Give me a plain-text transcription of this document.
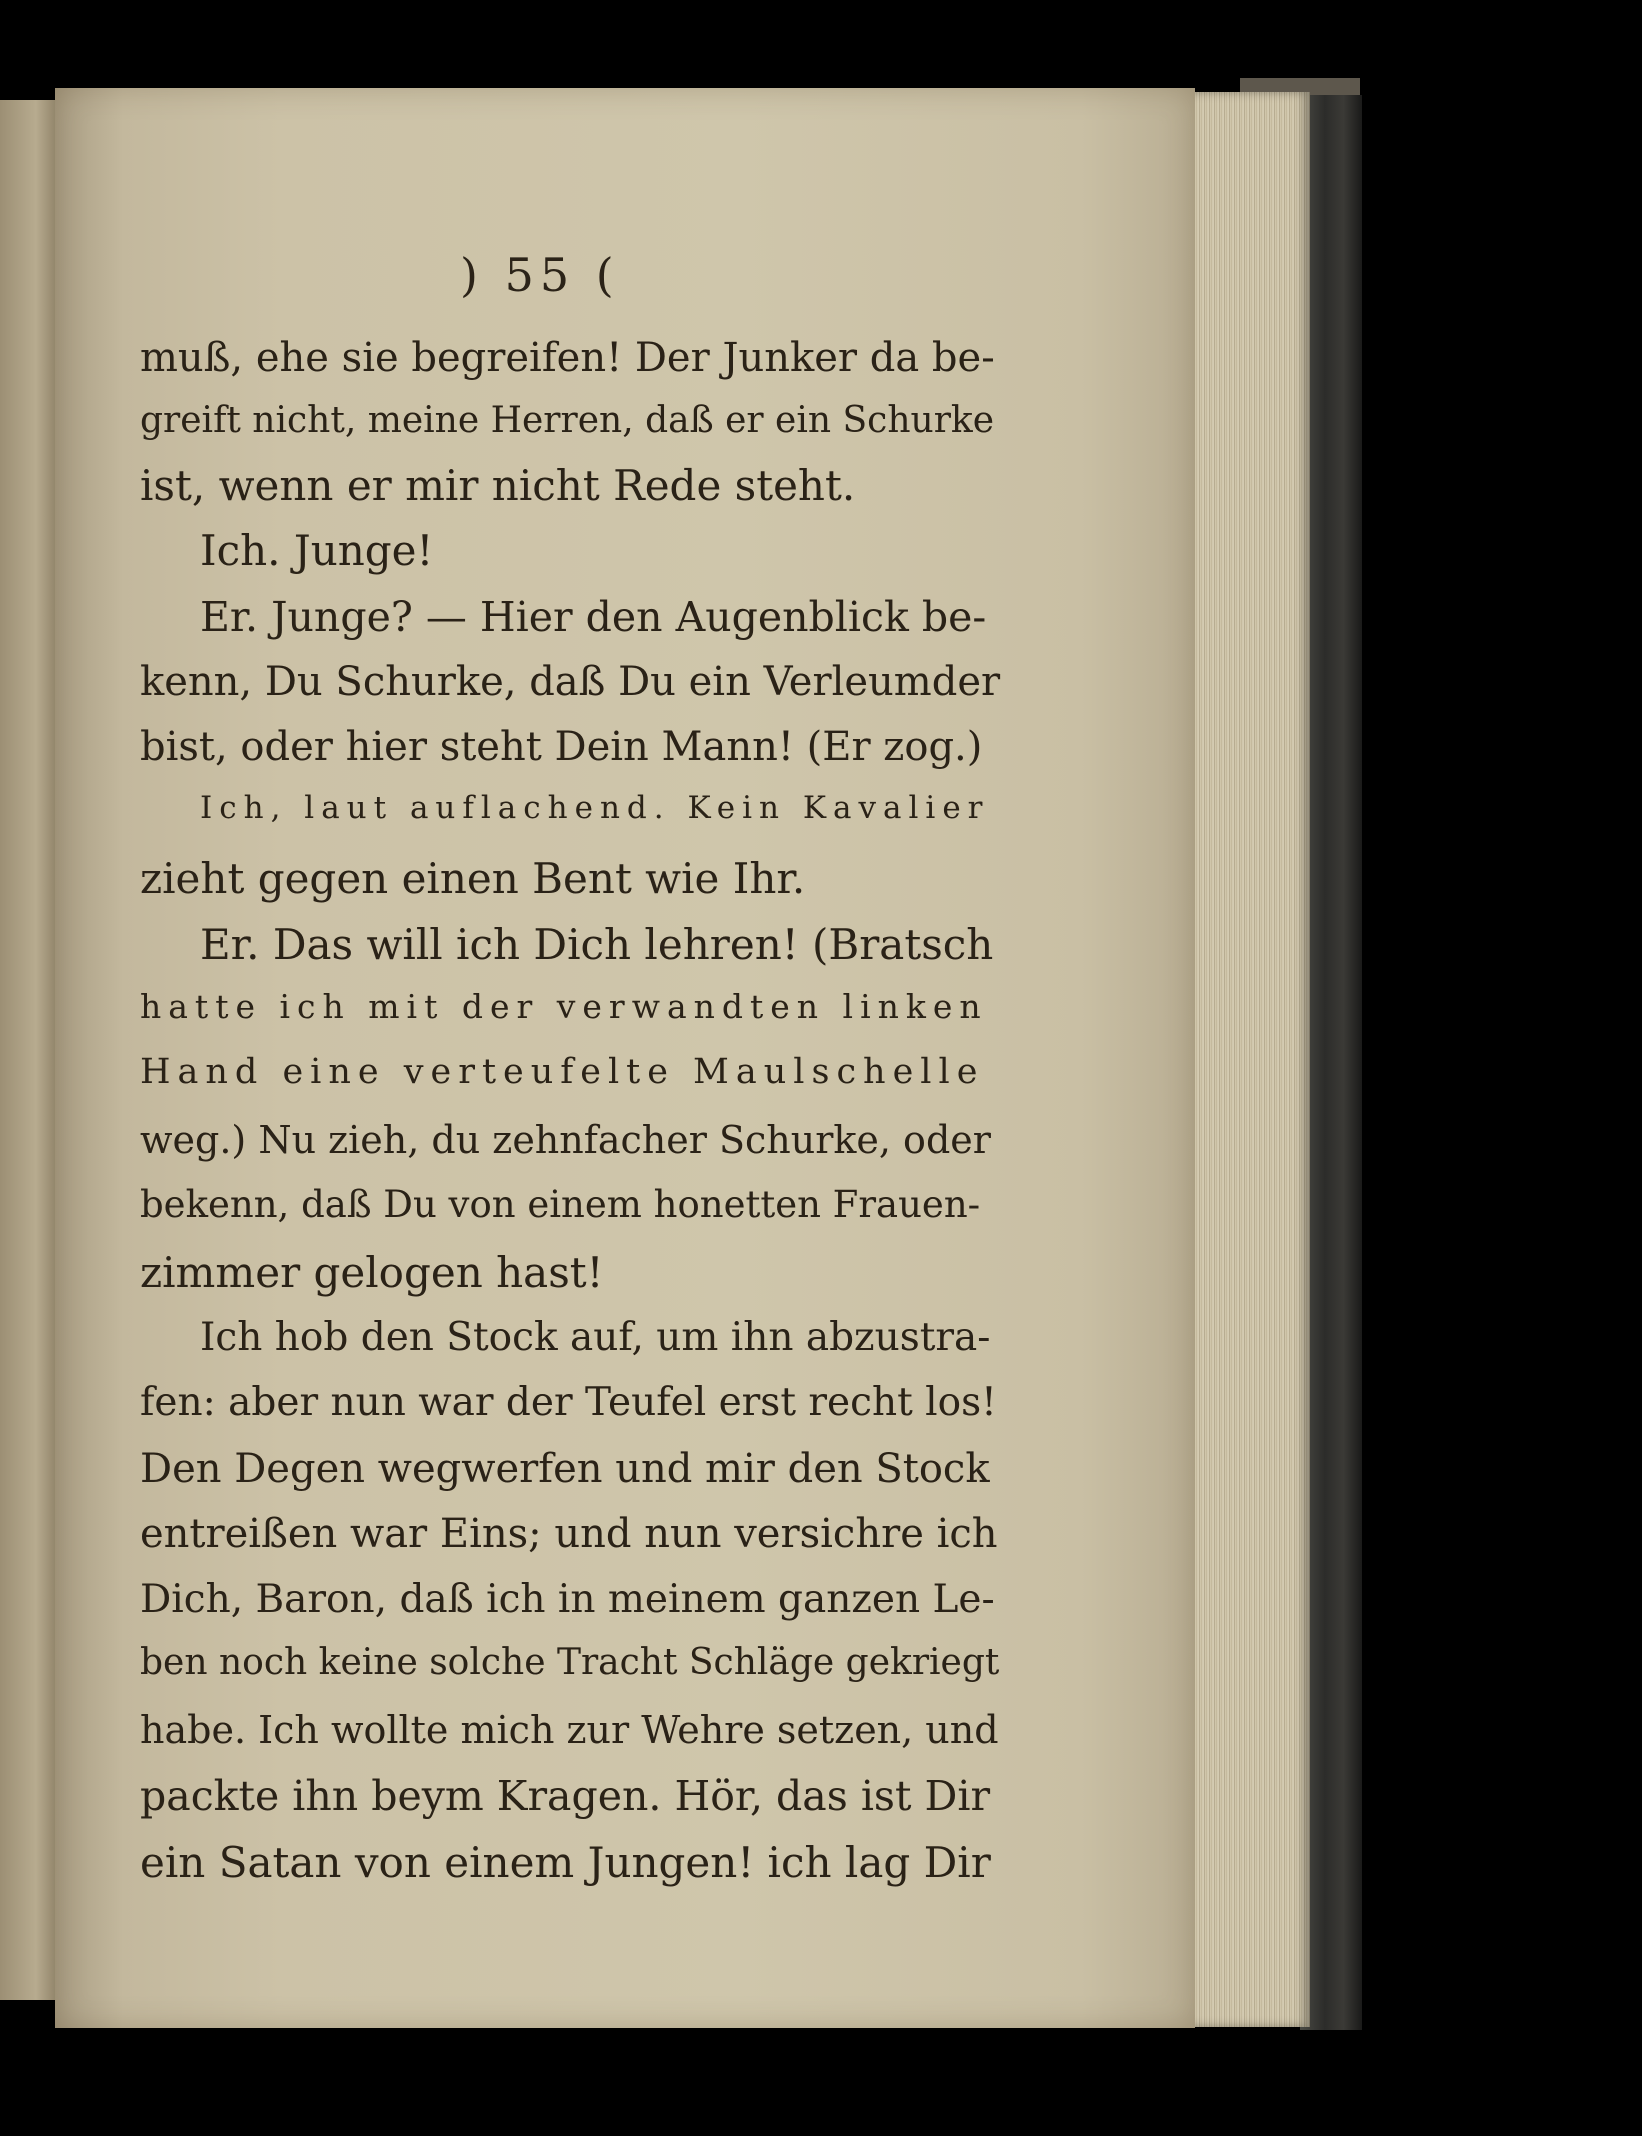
) 55 (
muß, ehe sie begreifen! Der Junker da be-
greift nicht, meine Herren, daß er ein Schurke
ist, wenn er mir nicht Rede steht.
Ich. Junge!
Er. Junge? — Hier den Augenblick be-
kenn, Du Schurke, daß Du ein Verleumder
bist, oder hier steht Dein Mann! (Er zog.)
Ich, laut auflachend. Kein Kavalier
zieht gegen einen Bent wie Ihr.
Er. Das will ich Dich lehren! (Bratsch
hatte ich mit der verwandten linken
Hand eine verteufelte Maulschelle
weg.) Nu zieh, du zehnfacher Schurke, oder
bekenn, daß Du von einem honetten Frauen-
zimmer gelogen hast!
Ich hob den Stock auf, um ihn abzustra-
fen: aber nun war der Teufel erst recht los!
Den Degen wegwerfen und mir den Stock
entreißen war Eins; und nun versichre ich
Dich, Baron, daß ich in meinem ganzen Le-
ben noch keine solche Tracht Schläge gekriegt
habe. Ich wollte mich zur Wehre setzen, und
packte ihn beym Kragen. Hör, das ist Dir
ein Satan von einem Jungen! ich lag Dir
